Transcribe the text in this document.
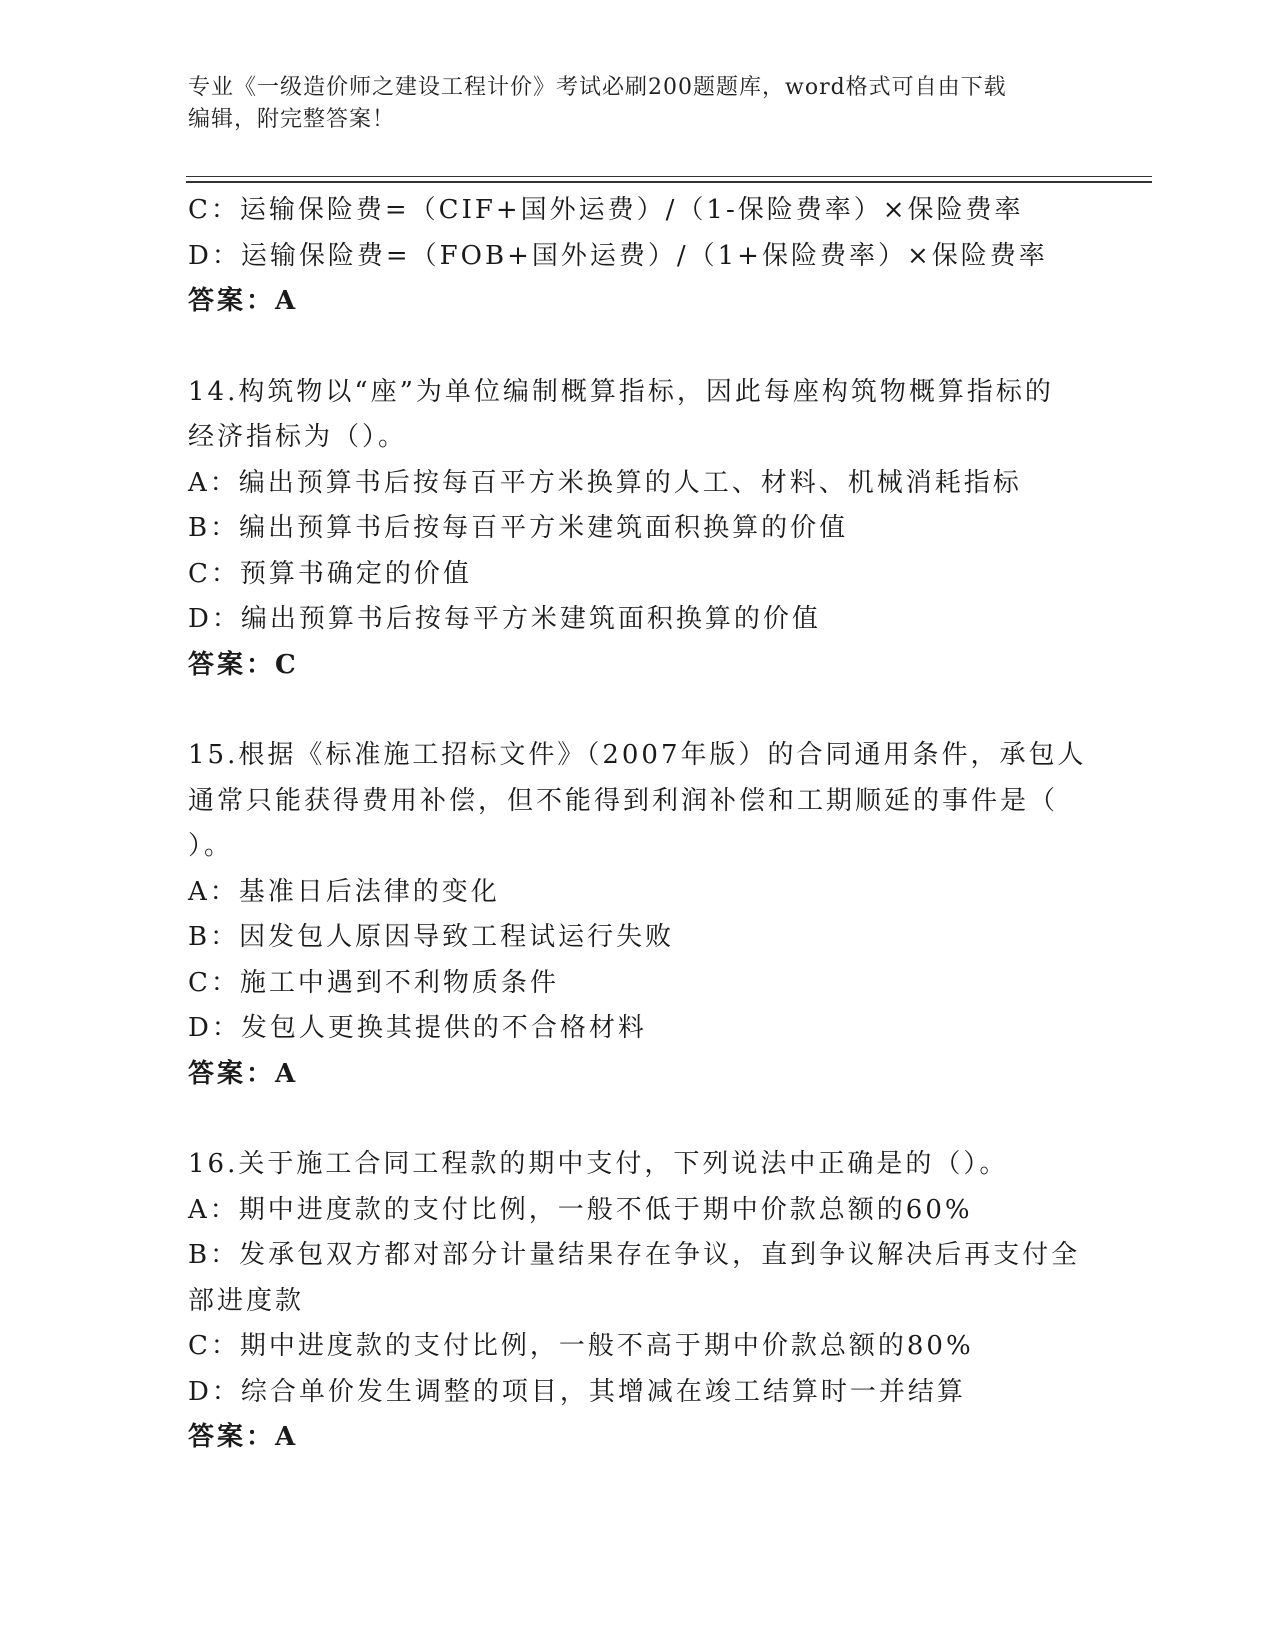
专业《一级造价师之建设工程计价》考试必刷200题题库，word格式可自由下载
编辑，附完整答案！
C：运输保险费=（CIF+国外运费）/（1-保险费率）×保险费率
D：运输保险费=（FOB+国外运费）/（1+保险费率）×保险费率
答案：A
14.构筑物以“座”为单位编制概算指标，因此每座构筑物概算指标的
经济指标为（）。
A：编出预算书后按每百平方米换算的人工、材料、机械消耗指标
B：编出预算书后按每百平方米建筑面积换算的价值
C：预算书确定的价值
D：编出预算书后按每平方米建筑面积换算的价值
答案：C
15.根据《标准施工招标文件》（2007年版）的合同通用条件，承包人
通常只能获得费用补偿，但不能得到利润补偿和工期顺延的事件是（
）。
A：基准日后法律的变化
B：因发包人原因导致工程试运行失败
C：施工中遇到不利物质条件
D：发包人更换其提供的不合格材料
答案：A
16.关于施工合同工程款的期中支付，下列说法中正确是的（）。
A：期中进度款的支付比例，一般不低于期中价款总额的60%
B：发承包双方都对部分计量结果存在争议，直到争议解决后再支付全
部进度款
C：期中进度款的支付比例，一般不高于期中价款总额的80%
D：综合单价发生调整的项目，其增减在竣工结算时一并结算
答案：A
